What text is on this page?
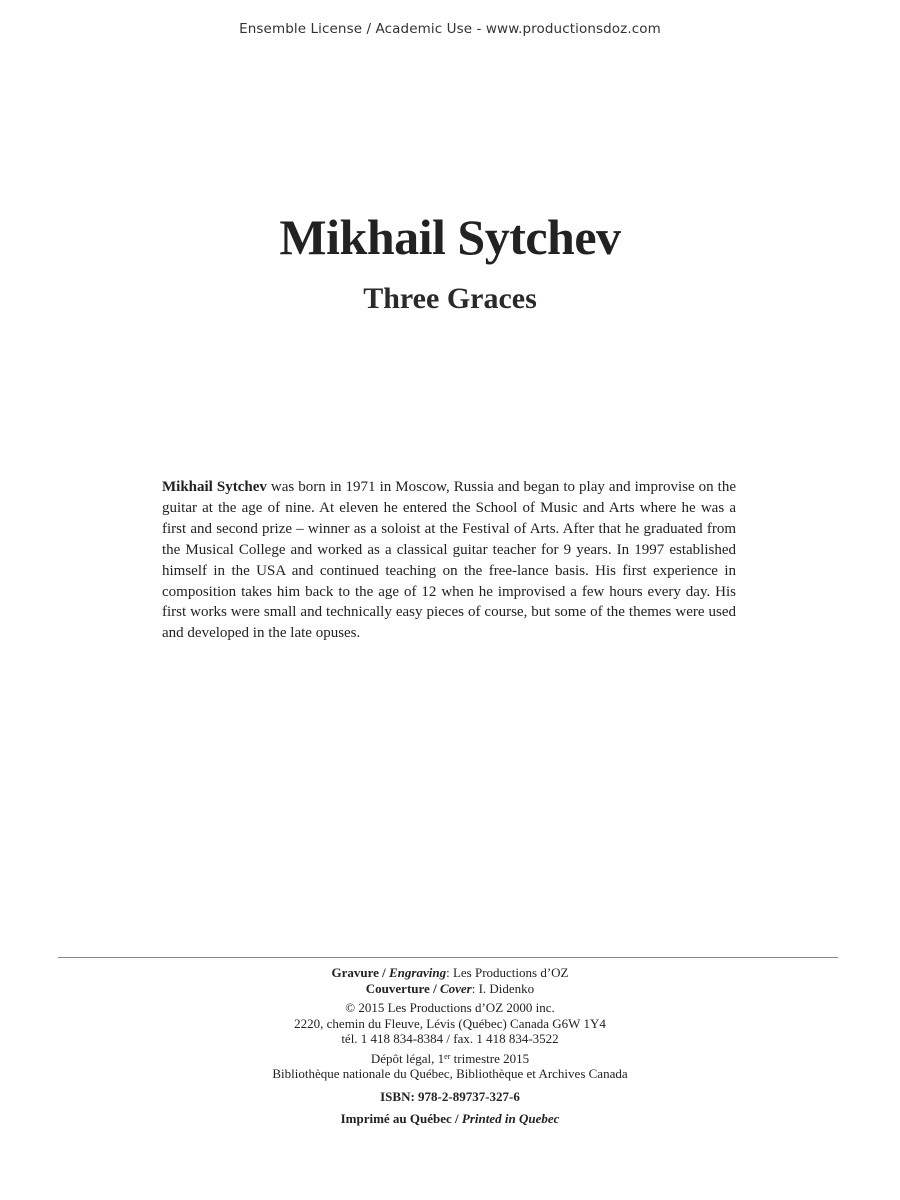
Ensemble License / Academic Use - www.productionsdoz.com
Mikhail Sytchev
Three Graces
Mikhail Sytchev was born in 1971 in Moscow, Russia and began to play and improvise on the guitar at the age of nine. At eleven he entered the School of Music and Arts where he was a first and second prize – winner as a soloist at the Festival of Arts. After that he graduated from the Musical College and worked as a classical guitar teacher for 9 years. In 1997 established himself in the USA and continued teaching on the free-lance basis. His first experience in composition takes him back to the age of 12 when he improvised a few hours every day. His first works were small and technically easy pieces of course, but some of the themes were used and developed in the late opuses.
Gravure / Engraving: Les Productions d’OZ
Couverture / Cover: I. Didenko
© 2015 Les Productions d’OZ 2000 inc.
2220, chemin du Fleuve, Lévis (Québec) Canada G6W 1Y4
tél. 1 418 834-8384 / fax. 1 418 834-3522
Dépôt légal, 1er trimestre 2015
Bibliothèque nationale du Québec, Bibliothèque et Archives Canada
ISBN: 978-2-89737-327-6
Imprimé au Québec / Printed in Quebec
